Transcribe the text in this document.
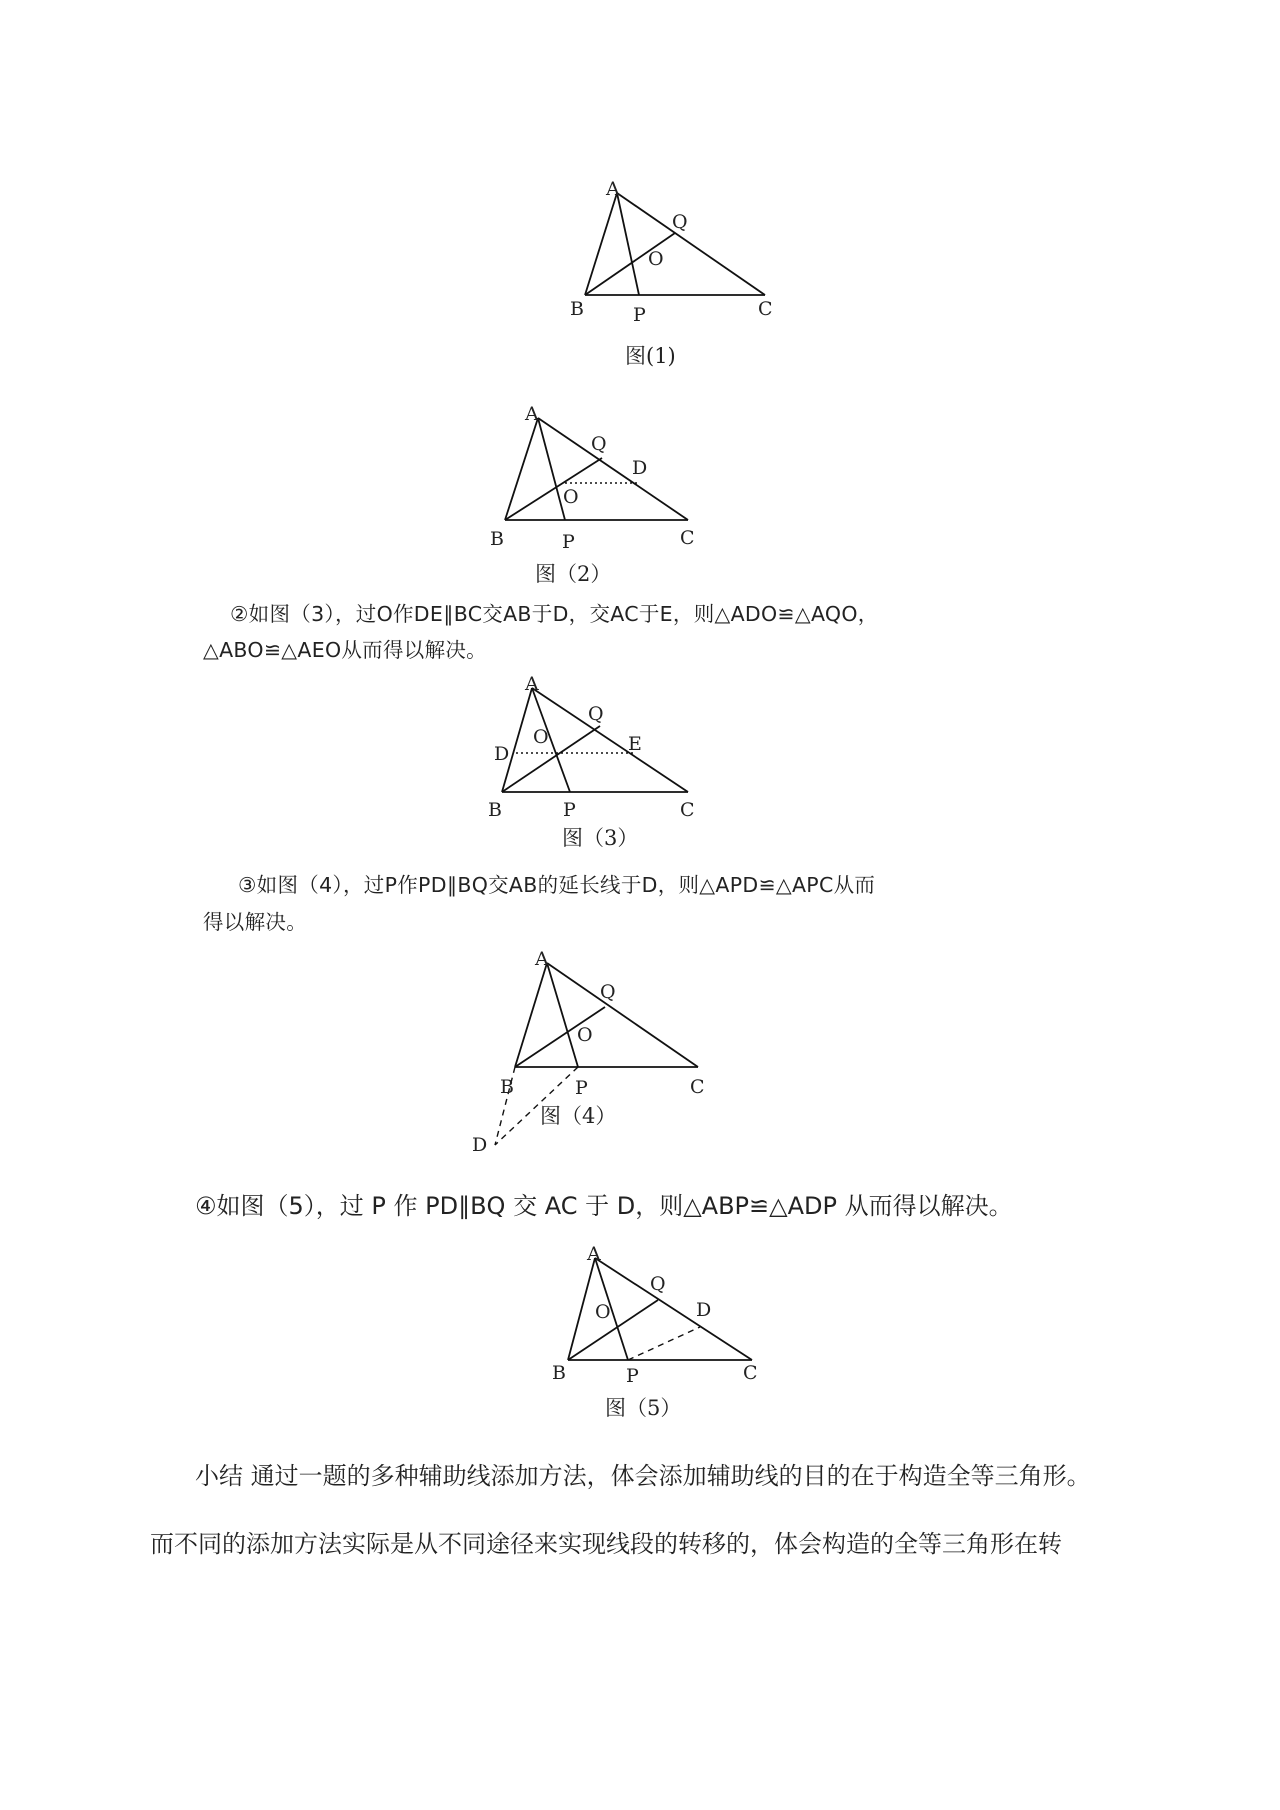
A
B	C
P
Q
O
图(1)
A
B	C
P
Q
O
D
图（2）
②如图（3），过O作DE∥BC交AB于D，交AC于E，则△ADO≌△AQO，
△ABO≌△AEO从而得以解决。
A
B	C
P
Q
O
D	E
图（3）
③如图（4），过P作PD∥BQ交AB的延长线于D，则△APD≌△APC从而
得以解决。
A
B	C
P
Q
O
D
图（4）
④如图（5），过 P 作 PD∥BQ 交 AC 于 D，则△ABP≌△ADP 从而得以解决。
A
B	C
P
Q
O	D
图（5）
小结 通过一题的多种辅助线添加方法，体会添加辅助线的目的在于构造全等三角形。
而不同的添加方法实际是从不同途径来实现线段的转移的，体会构造的全等三角形在转
